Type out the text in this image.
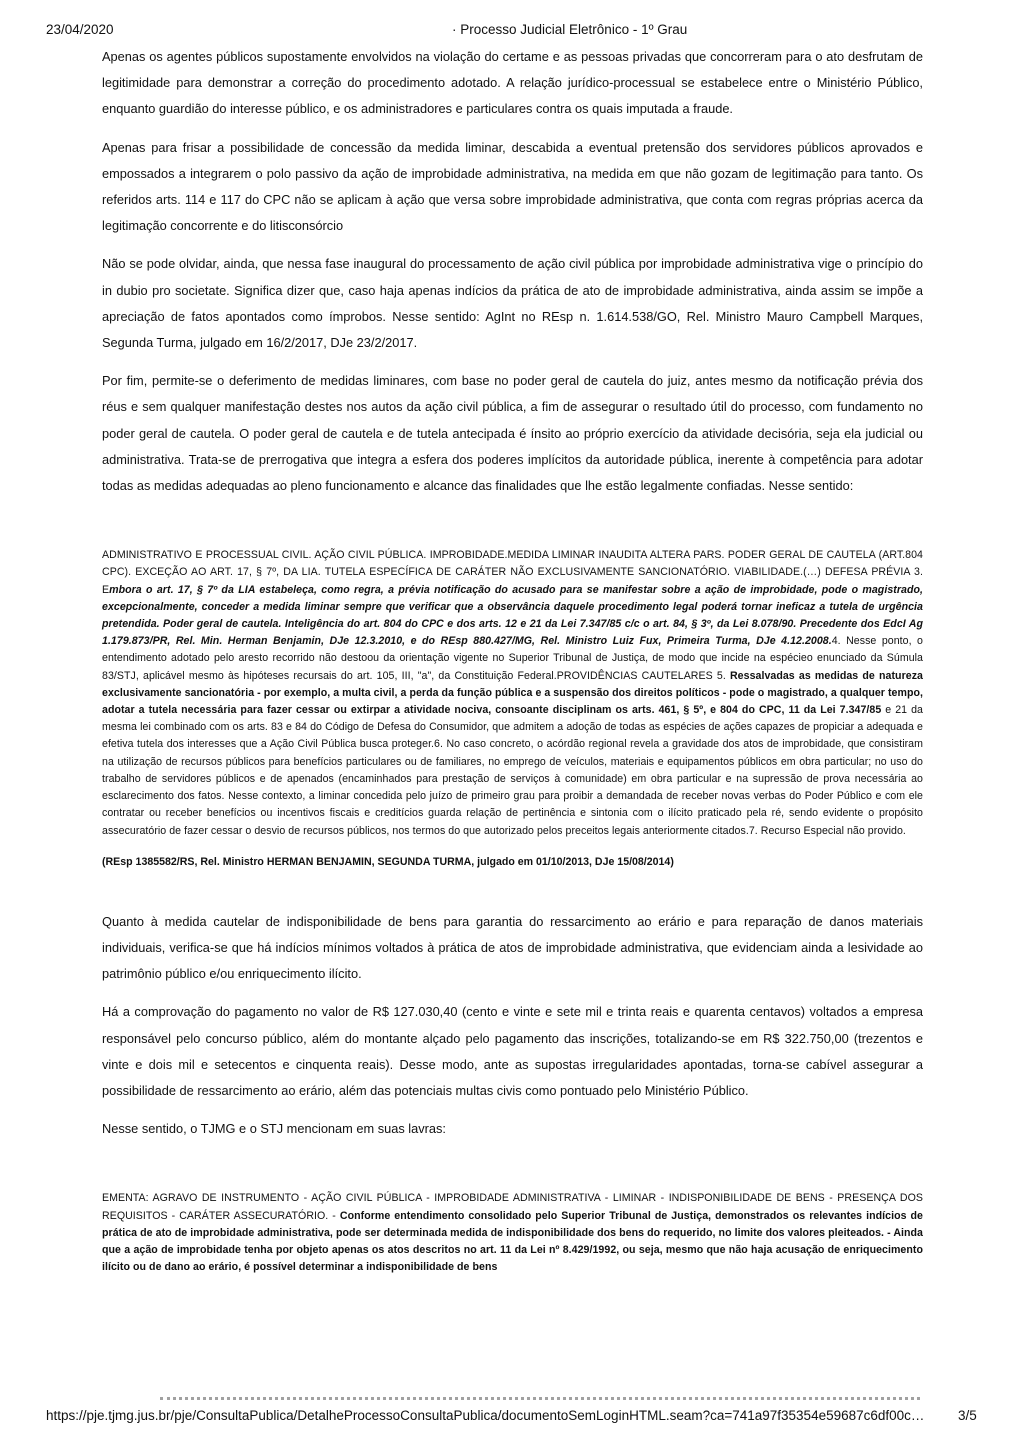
23/04/2020	· Processo Judicial Eletrônico - 1º Grau

Apenas os agentes públicos supostamente envolvidos na violação do certame e as pessoas privadas que concorreram para o ato desfrutam de legitimidade para demonstrar a correção do procedimento adotado. A relação jurídico-processual se estabelece entre o Ministério Público, enquanto guardião do interesse público, e os administradores e particulares contra os quais imputada a fraude.

Apenas para frisar a possibilidade de concessão da medida liminar, descabida a eventual pretensão dos servidores públicos aprovados e empossados a integrarem o polo passivo da ação de improbidade administrativa, na medida em que não gozam de legitimação para tanto. Os referidos arts. 114 e 117 do CPC não se aplicam à ação que versa sobre improbidade administrativa, que conta com regras próprias acerca da legitimação concorrente e do litisconsórcio

Não se pode olvidar, ainda, que nessa fase inaugural do processamento de ação civil pública por improbidade administrativa vige o princípio do in dubio pro societate. Significa dizer que, caso haja apenas indícios da prática de ato de improbidade administrativa, ainda assim se impõe a apreciação de fatos apontados como ímprobos. Nesse sentido: AgInt no REsp n. 1.614.538/GO, Rel. Ministro Mauro Campbell Marques, Segunda Turma, julgado em 16/2/2017, DJe 23/2/2017.

Por fim, permite-se o deferimento de medidas liminares, com base no poder geral de cautela do juiz, antes mesmo da notificação prévia dos réus e sem qualquer manifestação destes nos autos da ação civil pública, a fim de assegurar o resultado útil do processo, com fundamento no poder geral de cautela. O poder geral de cautela e de tutela antecipada é ínsito ao próprio exercício da atividade decisória, seja ela judicial ou administrativa. Trata-se de prerrogativa que integra a esfera dos poderes implícitos da autoridade pública, inerente à competência para adotar todas as medidas adequadas ao pleno funcionamento e alcance das finalidades que lhe estão legalmente confiadas. Nesse sentido:

ADMINISTRATIVO E PROCESSUAL CIVIL. AÇÃO CIVIL PÚBLICA. IMPROBIDADE.MEDIDA LIMINAR INAUDITA ALTERA PARS. PODER GERAL DE CAUTELA (ART.804 CPC). EXCEÇÃO AO ART. 17, § 7º, DA LIA. TUTELA ESPECÍFICA DE CARÁTER NÃO EXCLUSIVAMENTE SANCIONATÓRIO. VIABILIDADE.(…) DEFESA PRÉVIA 3. Embora o art. 17, § 7º da LIA estabeleça, como regra, a prévia notificação do acusado para se manifestar sobre a ação de improbidade, pode o magistrado, excepcionalmente, conceder a medida liminar sempre que verificar que a observância daquele procedimento legal poderá tornar ineficaz a tutela de urgência pretendida. Poder geral de cautela. Inteligência do art. 804 do CPC e dos arts. 12 e 21 da Lei 7.347/85 c/c o art. 84, § 3º, da Lei 8.078/90. Precedente dos EdcI Ag 1.179.873/PR, Rel. Min. Herman Benjamin, DJe 12.3.2010, e do REsp 880.427/MG, Rel. Ministro Luiz Fux, Primeira Turma, DJe 4.12.2008.4. Nesse ponto, o entendimento adotado pelo aresto recorrido não destoou da orientação vigente no Superior Tribunal de Justiça, de modo que incide na espécieo enunciado da Súmula 83/STJ, aplicável mesmo às hipóteses recursais do art. 105, III, "a", da Constituição Federal.PROVIDÊNCIAS CAUTELARES 5. Ressalvadas as medidas de natureza exclusivamente sancionatória - por exemplo, a multa civil, a perda da função pública e a suspensão dos direitos políticos - pode o magistrado, a qualquer tempo, adotar a tutela necessária para fazer cessar ou extirpar a atividade nociva, consoante disciplinam os arts. 461, § 5º, e 804 do CPC, 11 da Lei 7.347/85 e 21 da mesma lei combinado com os arts. 83 e 84 do Código de Defesa do Consumidor, que admitem a adoção de todas as espécies de ações capazes de propiciar a adequada e efetiva tutela dos interesses que a Ação Civil Pública busca proteger.6. No caso concreto, o acórdão regional revela a gravidade dos atos de improbidade, que consistiram na utilização de recursos públicos para benefícios particulares ou de familiares, no emprego de veículos, materiais e equipamentos públicos em obra particular; no uso do trabalho de servidores públicos e de apenados (encaminhados para prestação de serviços à comunidade) em obra particular e na supressão de prova necessária ao esclarecimento dos fatos. Nesse contexto, a liminar concedida pelo juízo de primeiro grau para proibir a demandada de receber novas verbas do Poder Público e com ele contratar ou receber benefícios ou incentivos fiscais e creditícios guarda relação de pertinência e sintonia com o ilícito praticado pela ré, sendo evidente o propósito assecuratório de fazer cessar o desvio de recursos públicos, nos termos do que autorizado pelos preceitos legais anteriormente citados.7. Recurso Especial não provido.

(REsp 1385582/RS, Rel. Ministro HERMAN BENJAMIN, SEGUNDA TURMA, julgado em 01/10/2013, DJe 15/08/2014)

Quanto à medida cautelar de indisponibilidade de bens para garantia do ressarcimento ao erário e para reparação de danos materiais individuais, verifica-se que há indícios mínimos voltados à prática de atos de improbidade administrativa, que evidenciam ainda a lesividade ao patrimônio público e/ou enriquecimento ilícito.

Há a comprovação do pagamento no valor de R$ 127.030,40 (cento e vinte e sete mil e trinta reais e quarenta centavos) voltados a empresa responsável pelo concurso público, além do montante alçado pelo pagamento das inscrições, totalizando-se em R$ 322.750,00 (trezentos e vinte e dois mil e setecentos e cinquenta reais). Desse modo, ante as supostas irregularidades apontadas, torna-se cabível assegurar a possibilidade de ressarcimento ao erário, além das potenciais multas civis como pontuado pelo Ministério Público.

Nesse sentido, o TJMG e o STJ mencionam em suas lavras:

EMENTA: AGRAVO DE INSTRUMENTO - AÇÃO CIVIL PÚBLICA - IMPROBIDADE ADMINISTRATIVA - LIMINAR - INDISPONIBILIDADE DE BENS - PRESENÇA DOS REQUISITOS - CARÁTER ASSECURATÓRIO. - Conforme entendimento consolidado pelo Superior Tribunal de Justiça, demonstrados os relevantes indícios de prática de ato de improbidade administrativa, pode ser determinada medida de indisponibilidade dos bens do requerido, no limite dos valores pleiteados. - Ainda que a ação de improbidade tenha por objeto apenas os atos descritos no art. 11 da Lei nº 8.429/1992, ou seja, mesmo que não haja acusação de enriquecimento ilícito ou de dano ao erário, é possível determinar a indisponibilidade de bens

https://pje.tjmg.jus.br/pje/ConsultaPublica/DetalheProcessoConsultaPublica/documentoSemLoginHTML.seam?ca=741a97f35354e59687c6df00c…	3/5
